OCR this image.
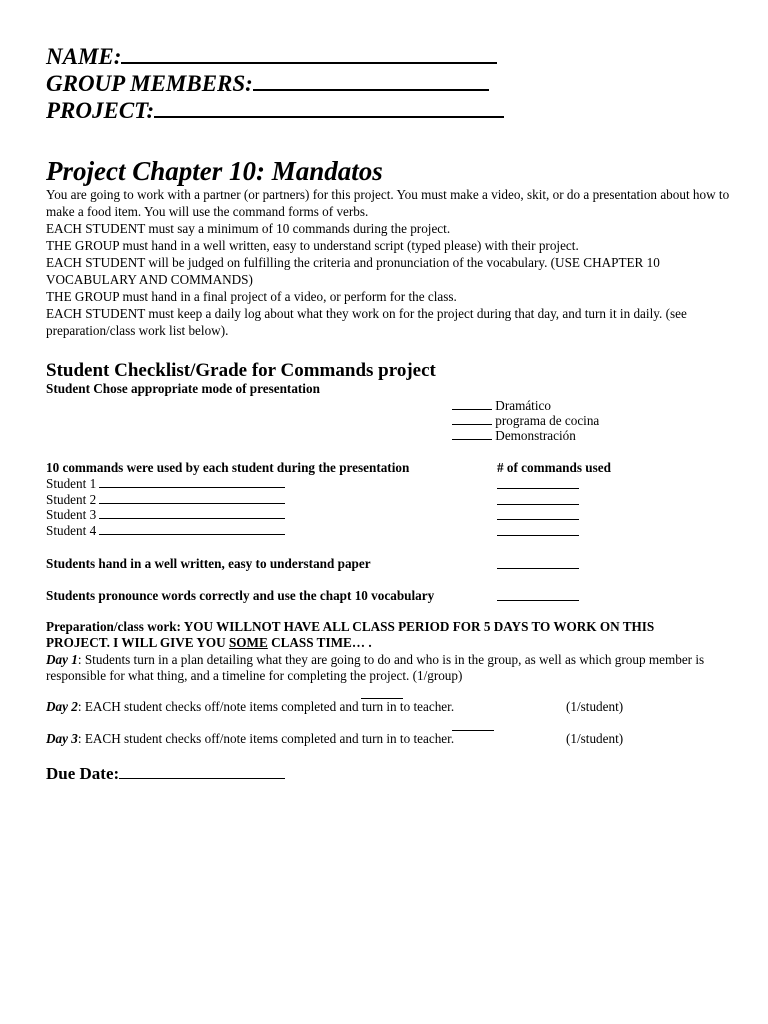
NAME:
GROUP MEMBERS:
PROJECT:
Project Chapter 10: Mandatos

You are going to work with a partner (or partners) for this project. You must make a video, skit, or do a presentation about how to make a food item. You will use the command forms of verbs.

EACH STUDENT must say a minimum of 10 commands during the project.

THE GROUP must hand in a well written, easy to understand script (typed please) with their project.

EACH STUDENT will be judged on fulfilling the criteria and pronunciation of the vocabulary. (USE CHAPTER 10 VOCABULARY AND COMMANDS)

THE GROUP must hand in a final project of a video, or perform for the class.

EACH STUDENT must keep a daily log about what they work on for the project during that day, and turn it in daily. (see preparation/class work list below).

Student Checklist/Grade for Commands project
Student Chose appropriate mode of presentation
Dramático
programa de cocina
Demonstración
10 commands were used by each student during the presentation	# of commands used
Student 1
Student 2
Student 3
Student 4
Students hand in a well written, easy to understand paper
Students pronounce words correctly and use the chapt 10 vocabulary
Preparation/class work: YOU WILLNOT HAVE ALL CLASS PERIOD FOR 5 DAYS TO WORK ON THIS
PROJECT. I WILL GIVE YOU SOME CLASS TIME… .
Day 1: Students turn in a plan detailing what they are going to do and who is in the group, as well as which group member is responsible for what thing, and a timeline for completing the project. (1/group)
Day 2: EACH student checks off/note items completed and turn in to teacher.	(1/student)
Day 3: EACH student checks off/note items completed and turn in to teacher.	(1/student)
Due Date:
